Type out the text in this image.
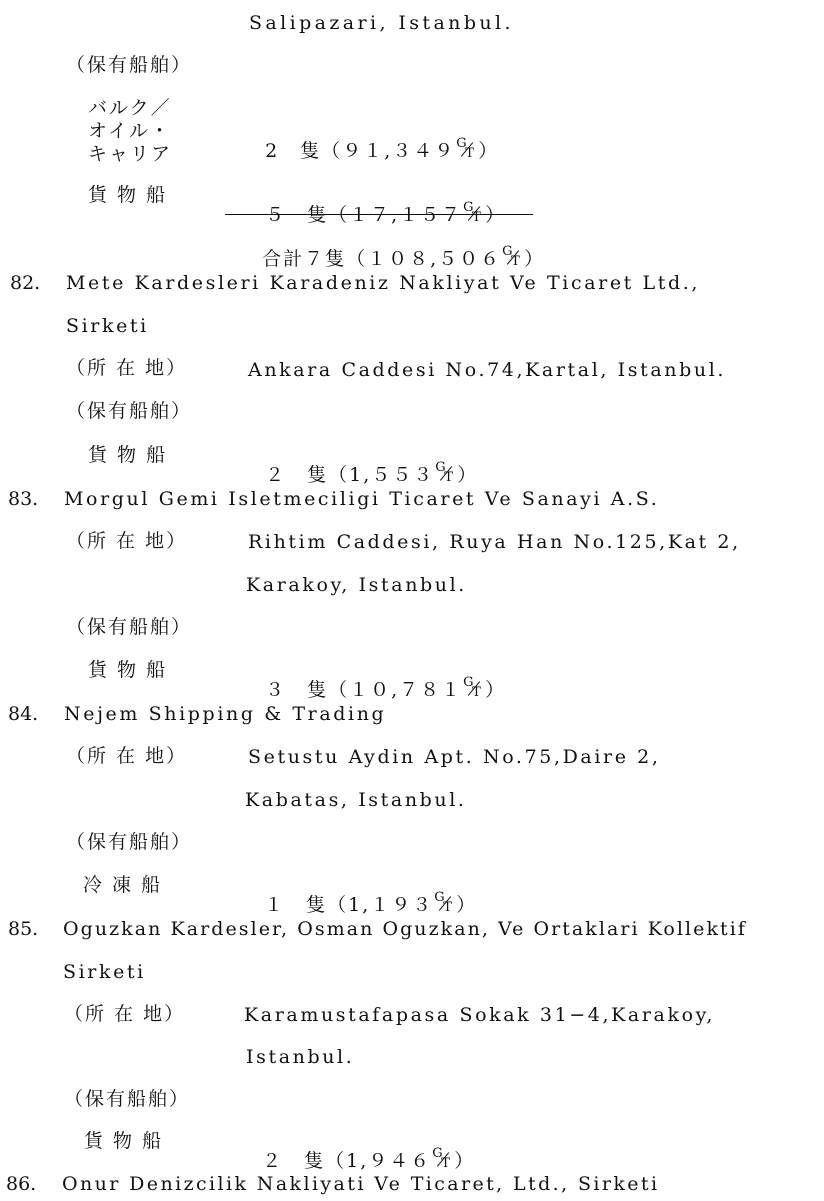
Salipazari, Istanbul.
（保有船舶）
バルク／
オイル・
キャリア	2　隻（９１,３４９ G
T ）

貨 物 船

５　隻（１７,１５７ G
T ）

合計７隻（１０８,５０６ G
T ）

82. Mete Kardesleri Karadeniz Nakliyat Ve Ticaret Ltd.,
Sirketi
（所 在 地）	Ankara Caddesi No.74,Kartal, Istanbul.
（保有船舶）
貨 物 船

２　隻（1,５５３ G
T ）

83. Morgul Gemi Isletmeciligi Ticaret Ve Sanayi A.S.
（所 在 地）	Rihtim Caddesi, Ruya Han No.125,Kat 2,
Karakoy, Istanbul.
（保有船舶）
貨 物 船

３　隻（１０,７８１ G
T ）

84. Nejem Shipping & Trading
（所 在 地）	Setustu Aydin Apt. No.75,Daire 2,
Kabatas, Istanbul.
（保有船舶）
冷 凍 船

１　隻（1,１９３ G
T ）

85. Oguzkan Kardesler, Osman Oguzkan, Ve Ortaklari Kollektif
Sirketi
（所 在 地）	Karamustafapasa Sokak 31−4,Karakoy,
Istanbul.
（保有船舶）
貨 物 船

２　隻（1,９４６ G
T ）

86. Onur Denizcilik Nakliyati Ve Ticaret, Ltd., Sirketi
